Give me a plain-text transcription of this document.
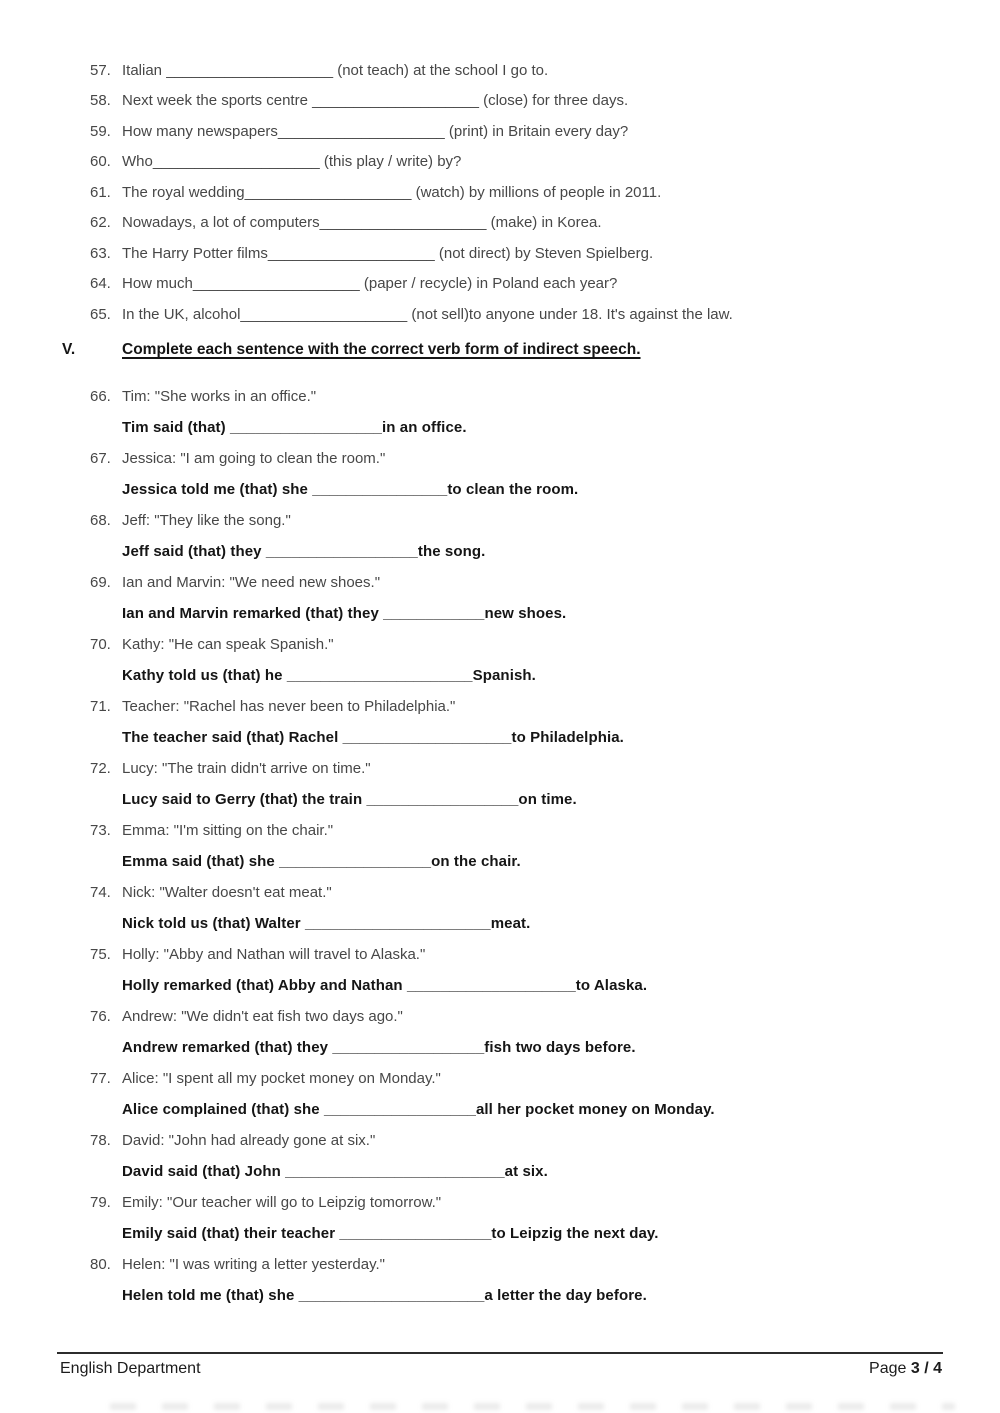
57. Italian ____________________ (not teach) at the school I go to.
58. Next week the sports centre ____________________ (close) for three days.
59. How many newspapers____________________ (print) in Britain every day?
60. Who____________________ (this play / write) by?
61. The royal wedding____________________ (watch) by millions of people in 2011.
62. Nowadays, a lot of computers____________________ (make) in Korea.
63. The Harry Potter films____________________ (not direct) by Steven Spielberg.
64. How much____________________ (paper / recycle) in Poland each year?
65. In the UK, alcohol____________________ (not sell)to anyone under 18. It's against the law.
V.	Complete each sentence with the correct verb form of indirect speech.
66. Tim: "She works in an office."
Tim said (that) __________________in an office.
67. Jessica: "I am going to clean the room."
Jessica told me (that) she ________________to clean the room.
68. Jeff: "They like the song."
Jeff said (that) they __________________the song.
69. Ian and Marvin: "We need new shoes."
Ian and Marvin remarked (that) they ____________new shoes.
70. Kathy: "He can speak Spanish."
Kathy told us (that) he ______________________Spanish.
71. Teacher: "Rachel has never been to Philadelphia."
The teacher said (that) Rachel ____________________to Philadelphia.
72. Lucy: "The train didn't arrive on time."
Lucy said to Gerry (that) the train __________________on time.
73. Emma: "I'm sitting on the chair."
Emma said (that) she __________________on the chair.
74. Nick: "Walter doesn't eat meat."
Nick told us (that) Walter ______________________meat.
75. Holly: "Abby and Nathan will travel to Alaska."
Holly remarked (that) Abby and Nathan ____________________to Alaska.
76. Andrew: "We didn't eat fish two days ago."
Andrew remarked (that) they __________________fish two days before.
77. Alice: "I spent all my pocket money on Monday."
Alice complained (that) she __________________all her pocket money on Monday.
78. David: "John had already gone at six."
David said (that) John __________________________at six.
79. Emily: "Our teacher will go to Leipzig tomorrow."
Emily said (that) their teacher __________________to Leipzig the next day.
80. Helen: "I was writing a letter yesterday."
Helen told me (that) she ______________________a letter the day before.
English Department	Page 3 / 4
